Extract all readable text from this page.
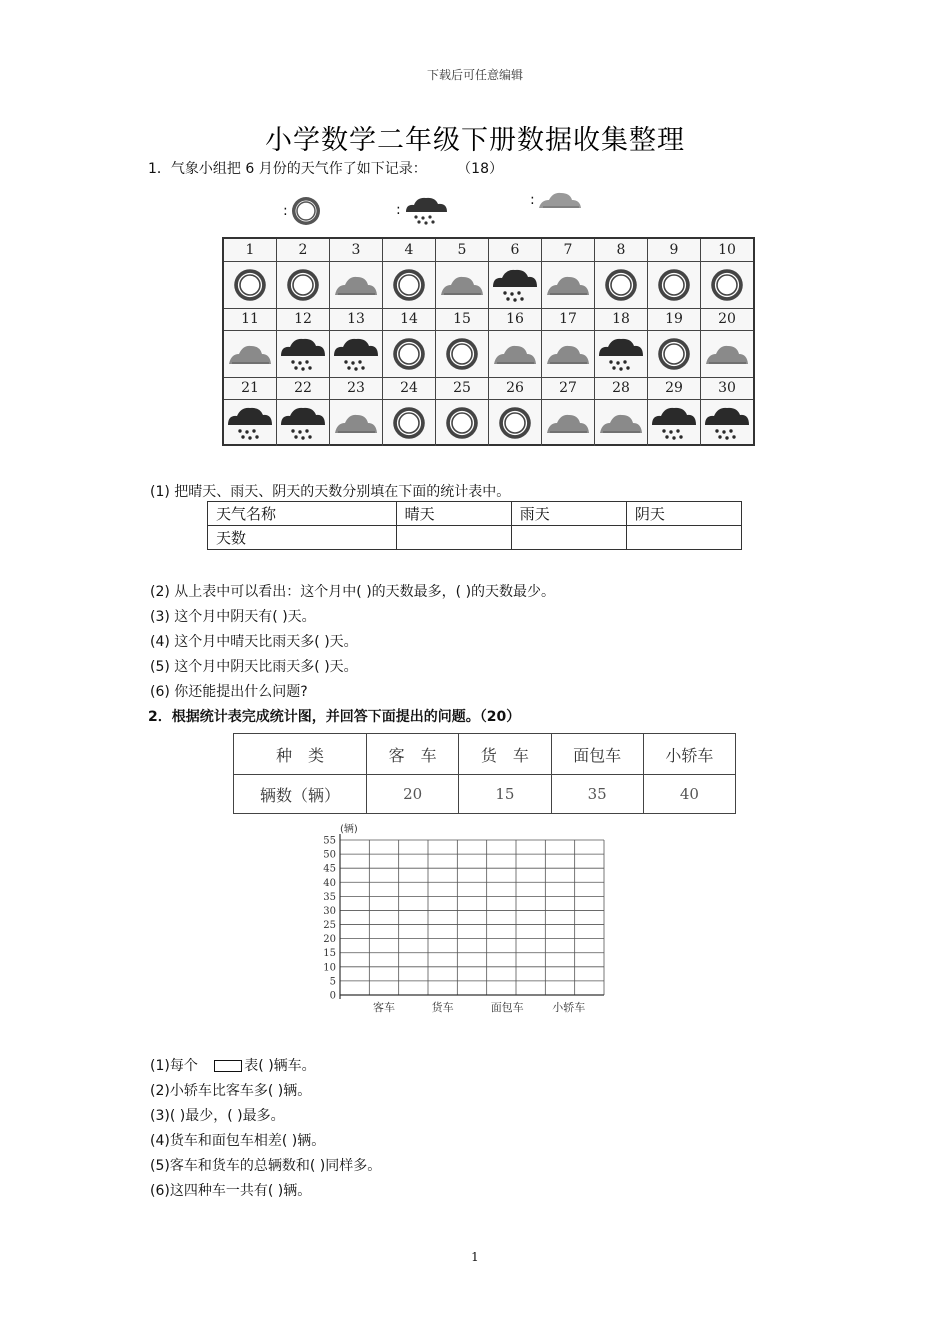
下载后可任意编辑
小学数学二年级下册数据收集整理
1．气象小组把 6 月份的天气作了如下记录： （18）
:	:
:
1	2	3	4	5	6	7	8	9	10
11	12	13	14	15	16	17	18	19	20
21	22	23	24	25	26	27	28	29	30
(1) 把晴天、雨天、阴天的天数分别填在下面的统计表中。
天气名称	晴天	雨天	阴天
天数			
(2) 从上表中可以看出：这个月中( )的天数最多，( )的天数最少。
(3) 这个月中阴天有( )天。
(4) 这个月中晴天比雨天多( )天。
(5) 这个月中阴天比雨天多( )天。
(6) 你还能提出什么问题?
2．根据统计表完成统计图，并回答下面提出的问题。（20）
种　类	客　车	货　车	面包车	小轿车
辆数（辆）	20	15	35	40
0
5
10
15
20
25
30
35
40
45
50
55
(辆)
客车	货车	面包车	小轿车
(1)每个	表( )辆车。
(2)小轿车比客车多( )辆。
(3)( )最少，( )最多。
(4)货车和面包车相差( )辆。
(5)客车和货车的总辆数和( )同样多。
(6)这四种车一共有( )辆。
1
